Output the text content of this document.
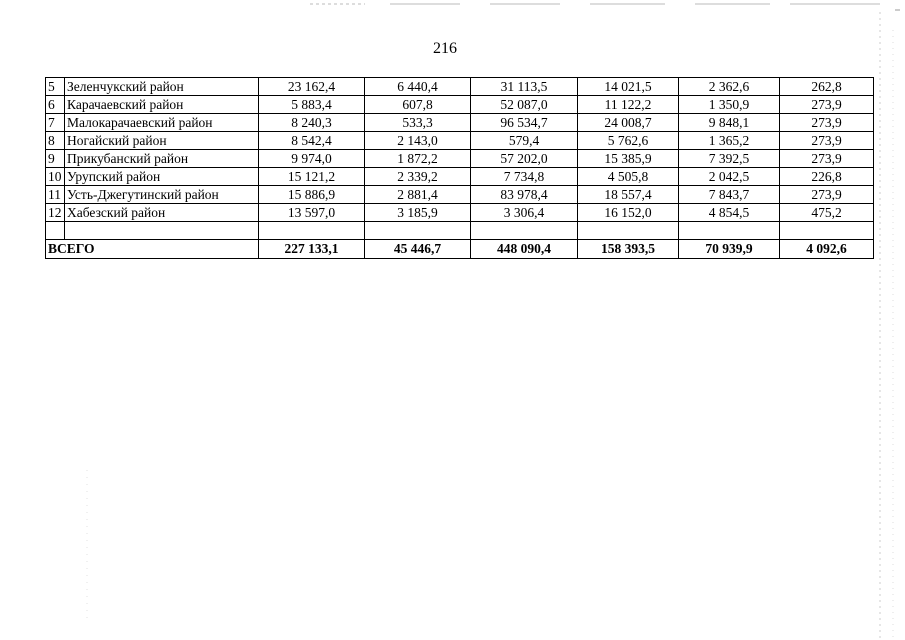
216
5	Зеленчукский район	23 162,4	6 440,4	31 113,5	14 021,5	2 362,6	262,8
6	Карачаевский район	5 883,4	607,8	52 087,0	11 122,2	1 350,9	273,9
7	Малокарачаевский район	8 240,3	533,3	96 534,7	24 008,7	9 848,1	273,9
8	Ногайский район	8 542,4	2 143,0	579,4	5 762,6	1 365,2	273,9
9	Прикубанский район	9 974,0	1 872,2	57 202,0	15 385,9	7 392,5	273,9
10	Урупский район	15 121,2	2 339,2	7 734,8	4 505,8	2 042,5	226,8
11	Усть-Джегутинский район	15 886,9	2 881,4	83 978,4	18 557,4	7 843,7	273,9
12	Хабезский район	13 597,0	3 185,9	3 306,4	16 152,0	4 854,5	475,2

ВСЕГО		227 133,1	45 446,7	448 090,4	158 393,5	70 939,9	4 092,6
